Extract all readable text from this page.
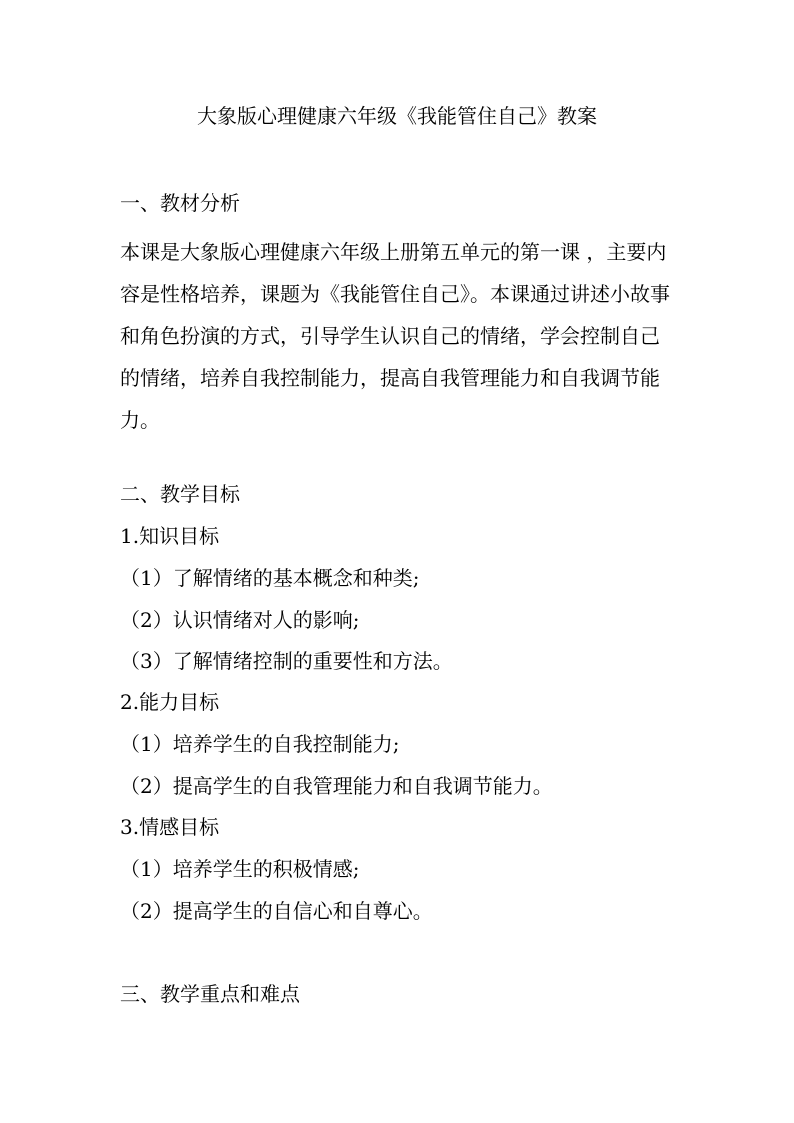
大象版心理健康六年级《我能管住自己》教案
一、教材分析
本课是大象版心理健康六年级上册第五单元的第一课 ，主要内容是性格培养，课题为《我能管住自己》。本课通过讲述小故事和角色扮演的方式，引导学生认识自己的情绪，学会控制自己的情绪，培养自我控制能力，提高自我管理能力和自我调节能力。
二、教学目标
1.知识目标
（1）了解情绪的基本概念和种类;
（2）认识情绪对人的影响;
（3）了解情绪控制的重要性和方法。
2.能力目标
（1）培养学生的自我控制能力;
（2）提高学生的自我管理能力和自我调节能力。
3.情感目标
（1）培养学生的积极情感;
（2）提高学生的自信心和自尊心。
三、教学重点和难点
